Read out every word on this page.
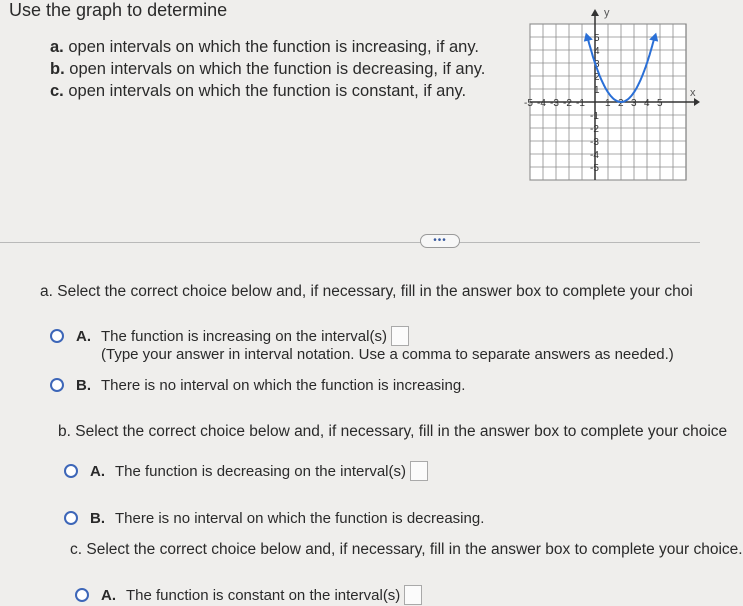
Use the graph to determine
a. open intervals on which the function is increasing, if any.
b. open intervals on which the function is decreasing, if any.
c. open intervals on which the function is constant, if any.	x
y
-5 -4 -3 -2 -1 1 2 3 4 5
5
4
3
2
1
-1
-2
-3
-4
-5
•••
a. Select the correct choice below and, if necessary, fill in the answer box to complete your choi
A. The function is increasing on the interval(s)
(Type your answer in interval notation. Use a comma to separate answers as needed.)
B. There is no interval on which the function is increasing.
b. Select the correct choice below and, if necessary, fill in the answer box to complete your choice
A. The function is decreasing on the interval(s)
B. There is no interval on which the function is decreasing.
c. Select the correct choice below and, if necessary, fill in the answer box to complete your choice.
A. The function is constant on the interval(s)
